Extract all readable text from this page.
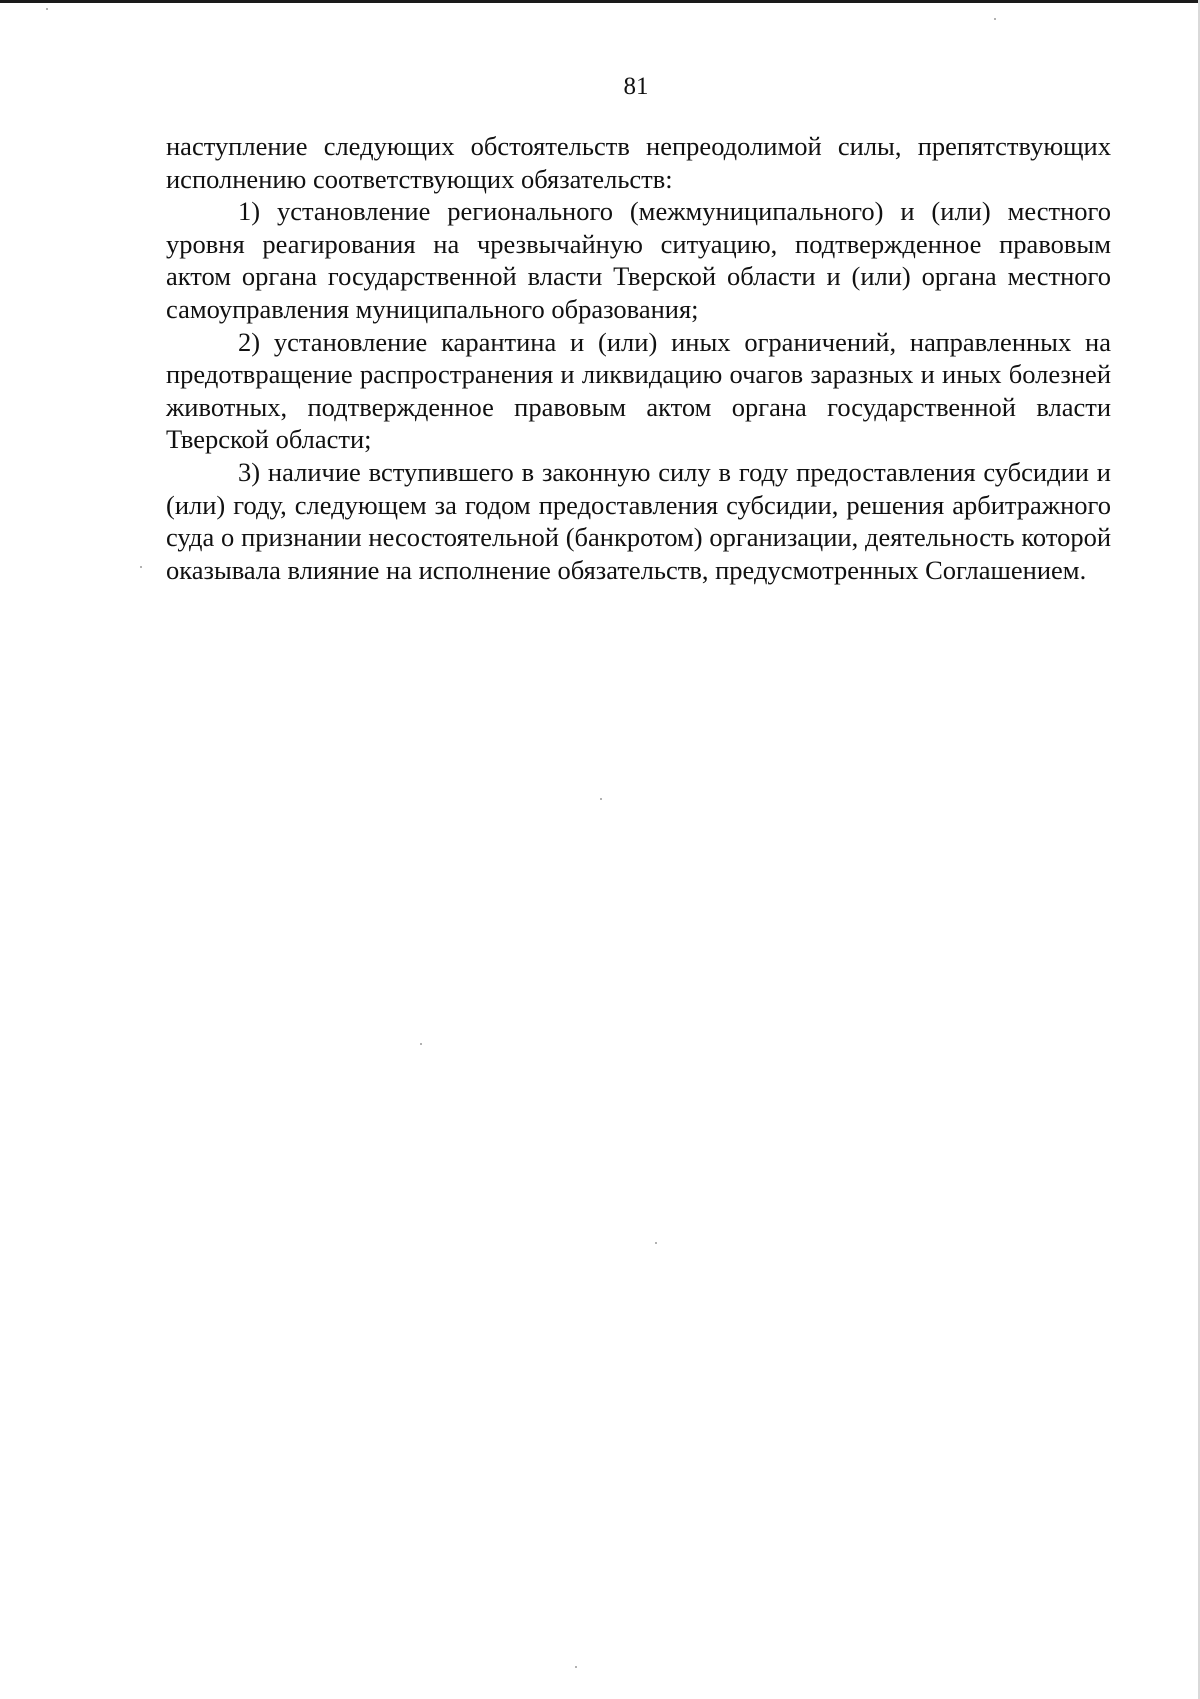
81

наступление следующих обстоятельств непреодолимой силы, препятствующих исполнению соответствующих обязательств:

1) установление регионального (межмуниципального) и (или) местного уровня реагирования на чрезвычайную ситуацию, подтвержденное правовым актом органа государственной власти Тверской области и (или) органа местного самоуправления муниципального образования;

2) установление карантина и (или) иных ограничений, направленных на предотвращение распространения и ликвидацию очагов заразных и иных болезней животных, подтвержденное правовым актом органа государственной власти Тверской области;

3) наличие вступившего в законную силу в году предоставления субсидии и (или) году, следующем за годом предоставления субсидии, решения арбитражного суда о признании несостоятельной (банкротом) организации, деятельность которой оказывала влияние на исполнение обязательств, предусмотренных Соглашением.
